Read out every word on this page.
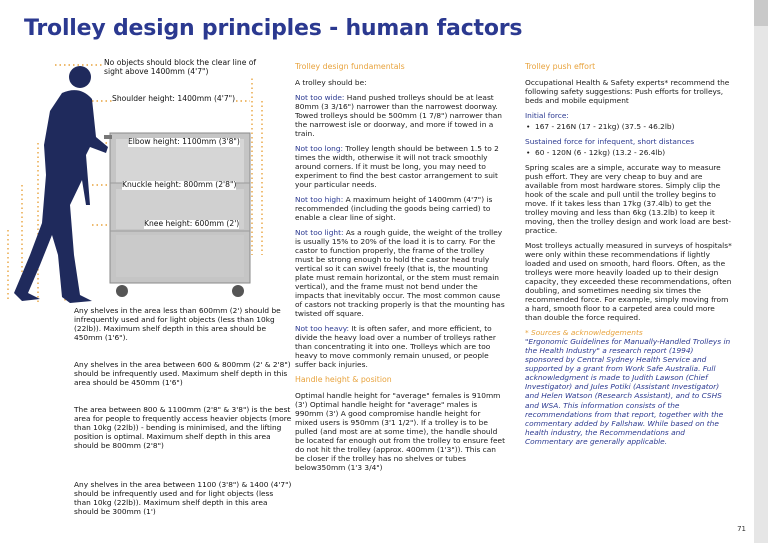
Trolley design principles - human factors
No objects should block the clear line of sight above 1400mm (4'7")
Shoulder height: 1400mm (4'7")
Elbow height: 1100mm (3'8")
Knuckle height: 800mm (2'8")
Knee height: 600mm (2')

Any shelves in the area less than 600mm (2') should be infrequently used and for light objects (less than 10kg (22lb)). Maximum shelf depth in this area should be 450mm (1'6").

Any shelves in the area between 600 & 800mm (2' & 2'8") should be infrequently used. Maximum shelf depth in this area should be 450mm (1'6")

The area between 800 & 1100mm (2'8" & 3'8") is the best area for people to frequently access heavier objects (more than 10kg (22lb)) - bending is minimised, and the lifting position is optimal. Maximum shelf depth in this area should be 800mm (2'8")

Any shelves in the area between 1100 (3'8") & 1400 (4'7") should be infrequently used and for light objects (less than 10kg (22lb)). Maximum shelf depth in this area should be 300mm (1')

Trolley design fundamentals

A trolley should be:

Not too wide: Hand pushed trolleys should be at least 80mm (3 3/16") narrower than the narrowest doorway. Towed trolleys should be 500mm (1 7/8") narrower than the narrowest isle or doorway, and more if towed in a train.

Not too long: Trolley length should be between 1.5 to 2 times the width, otherwise it will not track smoothly around corners. If it must be long, you may need to experiment to find the best castor arrangement to suit your particular needs.

Not too high: A maximum height of 1400mm (4'7") is recommended (including the goods being carried) to enable a clear line of sight.

Not too light: As a rough guide, the weight of the trolley is usually 15% to 20% of the load it is to carry. For the castor to function properly, the frame of the trolley must be strong enough to hold the castor head truly vertical so it can swivel freely (that is, the mounting plate must remain horizontal, or the stem must remain vertical), and the frame must not bend under the impacts that inevitably occur. The most common cause of castors not tracking properly is that the mounting has twisted off square.

Not too heavy: It is often safer, and more efficient, to divide the heavy load over a number of trolleys rather than concentrating it into one. Trolleys which are too heavy to move commonly remain unused, or people suffer back injuries.

Handle height & position

Optimal handle height for "average" females is 910mm (3') Optimal handle height for "average" males is 990mm (3') A good compromise handle height for mixed users is 950mm (3'1 1/2"). If a trolley is to be pulled (and most are at some time), the handle should be located far enough out from the trolley to ensure feet do not hit the trolley (approx. 400mm (1'3")). This can be closer if the trolley has no shelves or tubes below350mm (1'3 3/4")

Trolley push effort

Occupational Health & Safety experts* recommend the following safety suggestions: Push efforts for trolleys, beds and mobile equipment

Initial force:

• 167 - 216N (17 - 21kg) (37.5 - 46.2lb)

Sustained force for infequent, short distances

• 60 - 120N (6 - 12kg) (13.2 - 26.4lb)

Spring scales are a simple, accurate way to measure push effort. They are very cheap to buy and are available from most hardware stores. Simply clip the hook of the scale and pull until the trolley begins to move. If it takes less than 17kg (37.4lb) to get the trolley moving and less than 6kg (13.2lb) to keep it moving, then the trolley design and work load are best-practice.

Most trolleys actually measured in surveys of hospitals* were only within these recommendations if lightly loaded and used on smooth, hard floors. Often, as the trolleys were more heavily loaded up to their design capacity, they exceeded these recommendations, often doubling, and sometimes needing six times the recommended force. For example, simply moving from a hard, smooth floor to a carpeted area could more than double the force required.

* Sources & acknowledgements
"Ergonomic Guidelines for Manually-Handled Trolleys in the Health Industry" a research report (1994) sponsored by Central Sydney Health Service and supported by a grant from Work Safe Australia. Full acknowledgment is made to Judith Lawson (Chief Investigator) and Jules Potiki (Assistant Investigator) and Helen Watson (Research Assistant), and to CSHS and WSA. This information consists of the recommendations from that report, together with the commentary added by Fallshaw. While based on the health industry, the Recommendations and Commentary are generally applicable.
71
